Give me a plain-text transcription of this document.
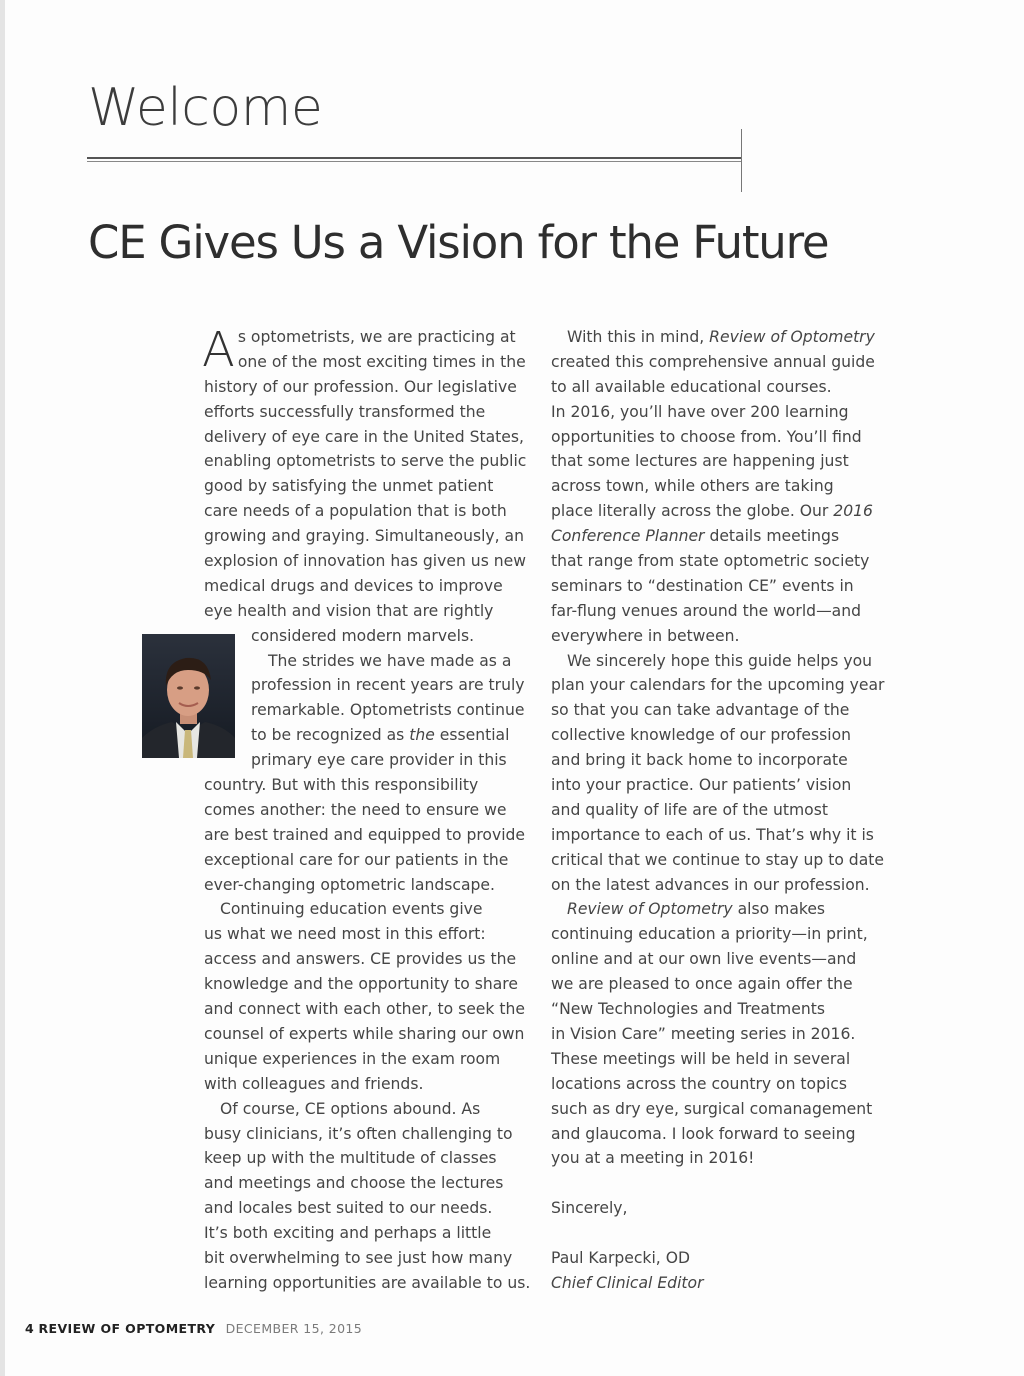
Welcome
CE Gives Us a Vision for the Future
A s optometrists, we are practicing at
one of the most exciting times in the
history of our profession. Our legislative
efforts successfully transformed the
delivery of eye care in the United States,
enabling optometrists to serve the public
good by satisfying the unmet patient
care needs of a population that is both
growing and graying. Simultaneously, an
explosion of innovation has given us new
medical drugs and devices to improve
eye health and vision that are rightly
considered modern marvels.
The strides we have made as a
profession in recent years are truly
remarkable. Optometrists continue
to be recognized as the essential
primary eye care provider in this
country. But with this responsibility
comes another: the need to ensure we
are best trained and equipped to provide
exceptional care for our patients in the
ever-changing optometric landscape.
Continuing education events give
us what we need most in this effort:
access and answers. CE provides us the
knowledge and the opportunity to share
and connect with each other, to seek the
counsel of experts while sharing our own
unique experiences in the exam room
with colleagues and friends.
Of course, CE options abound. As
busy clinicians, it’s often challenging to
keep up with the multitude of classes
and meetings and choose the lectures
and locales best suited to our needs.
It’s both exciting and perhaps a little
bit overwhelming to see just how many
learning opportunities are available to us.
With this in mind, Review of Optometry
created this comprehensive annual guide
to all available educational courses.
In 2016, you’ll have over 200 learning
opportunities to choose from. You’ll find
that some lectures are happening just
across town, while others are taking
place literally across the globe. Our 2016
Conference Planner details meetings
that range from state optometric society
seminars to “destination CE” events in
far-flung venues around the world—and
everywhere in between.
We sincerely hope this guide helps you
plan your calendars for the upcoming year
so that you can take advantage of the
collective knowledge of our profession
and bring it back home to incorporate
into your practice. Our patients’ vision
and quality of life are of the utmost
importance to each of us. That’s why it is
critical that we continue to stay up to date
on the latest advances in our profession.
Review of Optometry also makes
continuing education a priority—in print,
online and at our own live events—and
we are pleased to once again offer the
“New Technologies and Treatments
in Vision Care” meeting series in 2016.
These meetings will be held in several
locations across the country on topics
such as dry eye, surgical comanagement
and glaucoma. I look forward to seeing
you at a meeting in 2016!
Sincerely,
Paul Karpecki, OD
Chief Clinical Editor
4 REVIEW OF OPTOMETRY DECEMBER 15, 2015
